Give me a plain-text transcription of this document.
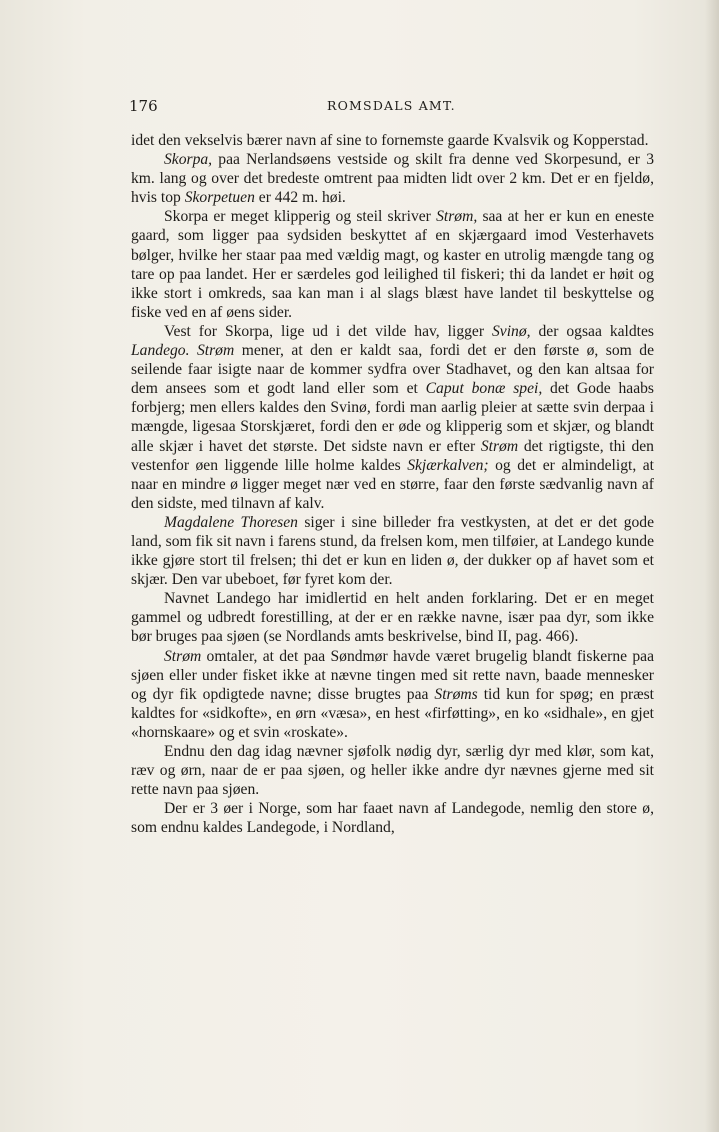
176	ROMSDALS AMT.

idet den vekselvis bærer navn af sine to fornemste gaarde Kvalsvik og Kopperstad.

Skorpa, paa Nerlandsøens vestside og skilt fra denne ved Skorpesund, er 3 km. lang og over det bredeste omtrent paa midten lidt over 2 km. Det er en fjeldø, hvis top Skorpetuen er 442 m. høi.

Skorpa er meget klipperig og steil skriver Strøm, saa at her er kun en eneste gaard, som ligger paa sydsiden beskyttet af en skjærgaard imod Vesterhavets bølger, hvilke her staar paa med vældig magt, og kaster en utrolig mængde tang og tare op paa landet. Her er særdeles god leilighed til fiskeri; thi da landet er høit og ikke stort i omkreds, saa kan man i al slags blæst have landet til beskyttelse og fiske ved en af øens sider.

Vest for Skorpa, lige ud i det vilde hav, ligger Svinø, der ogsaa kaldtes Landego. Strøm mener, at den er kaldt saa, fordi det er den første ø, som de seilende faar isigte naar de kommer sydfra over Stadhavet, og den kan altsaa for dem ansees som et godt land eller som et Caput bonæ spei, det Gode haabs forbjerg; men ellers kaldes den Svinø, fordi man aarlig pleier at sætte svin derpaa i mængde, ligesaa Storskjæret, fordi den er øde og klipperig som et skjær, og blandt alle skjær i havet det største. Det sidste navn er efter Strøm det rigtigste, thi den vestenfor øen liggende lille holme kaldes Skjærkalven; og det er almindeligt, at naar en mindre ø ligger meget nær ved en større, faar den første sædvanlig navn af den sidste, med tilnavn af kalv.

Magdalene Thoresen siger i sine billeder fra vestkysten, at det er det gode land, som fik sit navn i farens stund, da frelsen kom, men tilføier, at Landego kunde ikke gjøre stort til frelsen; thi det er kun en liden ø, der dukker op af havet som et skjær. Den var ubeboet, før fyret kom der.

Navnet Landego har imidlertid en helt anden forklaring. Det er en meget gammel og udbredt forestilling, at der er en række navne, især paa dyr, som ikke bør bruges paa sjøen (se Nordlands amts beskrivelse, bind II, pag. 466).

Strøm omtaler, at det paa Søndmør havde været brugelig blandt fiskerne paa sjøen eller under fisket ikke at nævne tingen med sit rette navn, baade mennesker og dyr fik opdigtede navne; disse brugtes paa Strøms tid kun for spøg; en præst kaldtes for «sidkofte», en ørn «væsa», en hest «firføtting», en ko «sidhale», en gjet «hornskaare» og et svin «roskate».

Endnu den dag idag nævner sjøfolk nødig dyr, særlig dyr med klør, som kat, ræv og ørn, naar de er paa sjøen, og heller ikke andre dyr nævnes gjerne med sit rette navn paa sjøen.

Der er 3 øer i Norge, som har faaet navn af Landegode, nemlig den store ø, som endnu kaldes Landegode, i Nordland,
